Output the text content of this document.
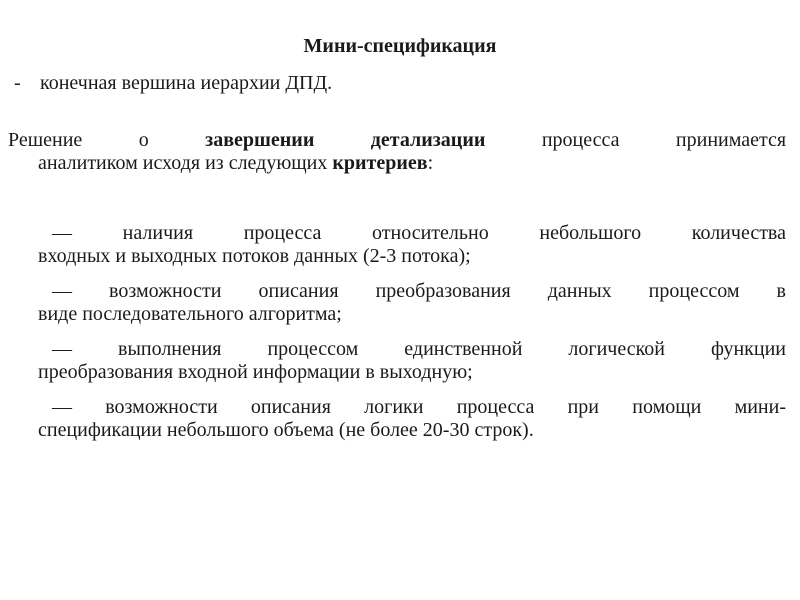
Мини-спецификация
- конечная вершина иерархии ДПД.
Решение	о	завершении	детализации	процесса	принимается
аналитиком исходя из следующих критериев:
— наличия процесса относительно небольшого количества
входных и выходных потоков данных (2-3 потока);
— возможности описания преобразования данных процессом в
виде последовательного алгоритма;
— выполнения процессом единственной логической функции
преобразования входной информации в выходную;
— возможности описания логики процесса при помощи мини-
спецификации небольшого объема (не более 20-30 строк).
